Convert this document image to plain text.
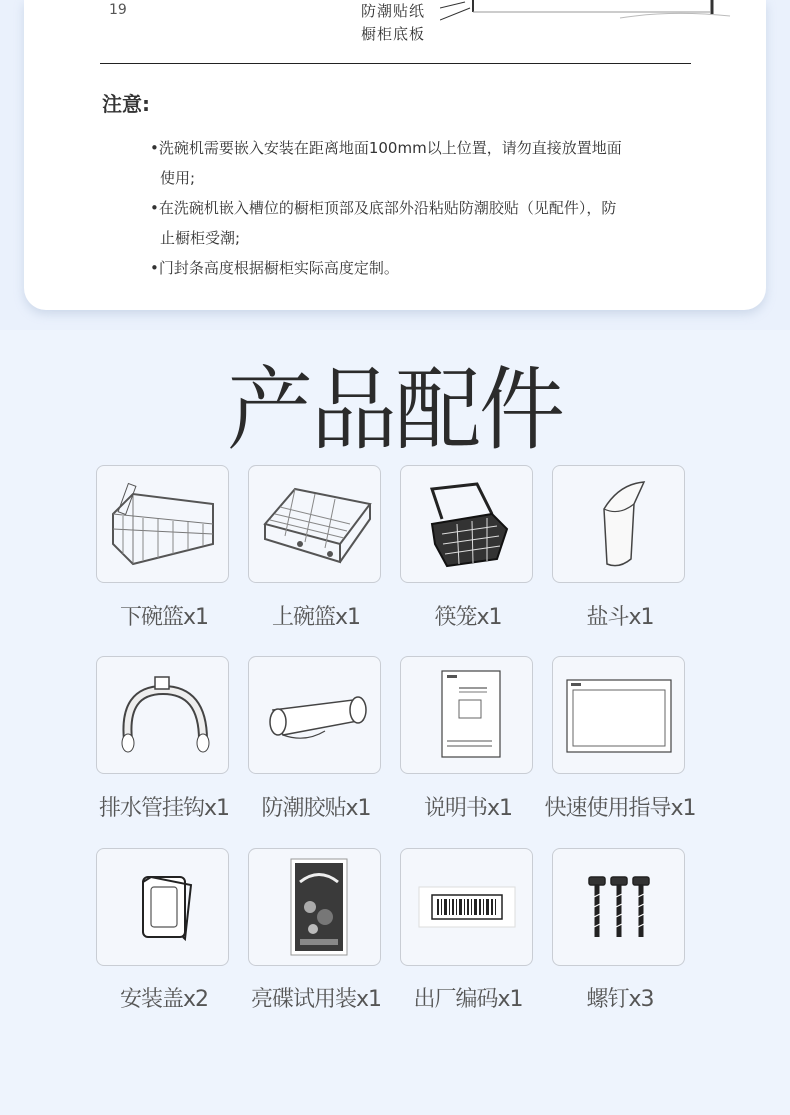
19	防潮贴纸
橱柜底板
注意:
•洗碗机需要嵌入安装在距离地面100mm以上位置，请勿直接放置地面
使用;
•在洗碗机嵌入槽位的橱柜顶部及底部外沿粘贴防潮胶贴（见配件），防
止橱柜受潮;
•门封条高度根据橱柜实际高度定制。
产品配件
下碗篮x1	上碗篮x1	筷笼x1	盐斗x1
排水管挂钩x1	防潮胶贴x1	说明书x1	快速使用指导x1
安装盖x2	亮碟试用装x1	出厂编码x1	螺钉x3
